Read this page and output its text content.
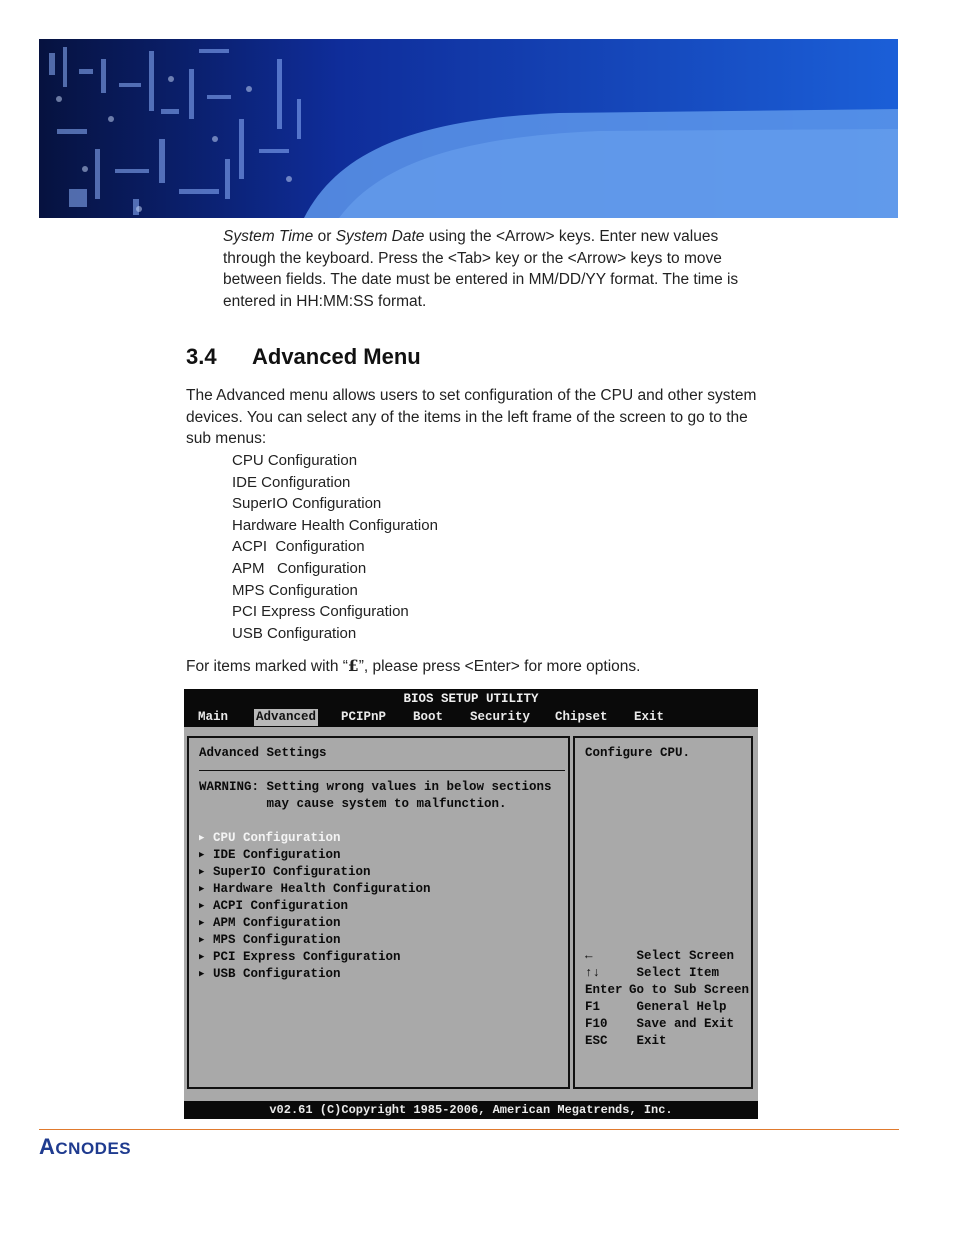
System Time or System Date using the <Arrow> keys. Enter new values through the keyboard. Press the <Tab> key or the <Arrow> keys to move between fields. The date must be entered in MM/DD/YY format. The time is entered in HH:MM:SS format.

3.4 Advanced Menu

The Advanced menu allows users to set configuration of the CPU and other system devices. You can select any of the items in the left frame of the screen to go to the sub menus:

CPU Configuration
IDE Configuration
SuperIO Configuration
Hardware Health Configuration
ACPI  Configuration
APM   Configuration
MPS Configuration
PCI Express Configuration
USB Configuration

For items marked with “£”, please press <Enter> for more options.

BIOS SETUP UTILITY
Main Advanced PCIPnP Boot Security Chipset Exit
Advanced Settings
WARNING: Setting wrong values in below sections
may cause system to malfunction.
▶ CPU Configuration
▶ IDE Configuration
▶ SuperIO Configuration
▶ Hardware Health Configuration
▶ ACPI Configuration
▶ APM Configuration
▶ MPS Configuration
▶ PCI Express Configuration
▶ USB Configuration
Configure CPU.
←	Select Screen
↑↓ Select Item
Enter Go to Sub Screen
F1 General Help
F10 Save and Exit
ESC Exit
v02.61 (C)Copyright 1985-2006, American Megatrends, Inc.
ACNODES
